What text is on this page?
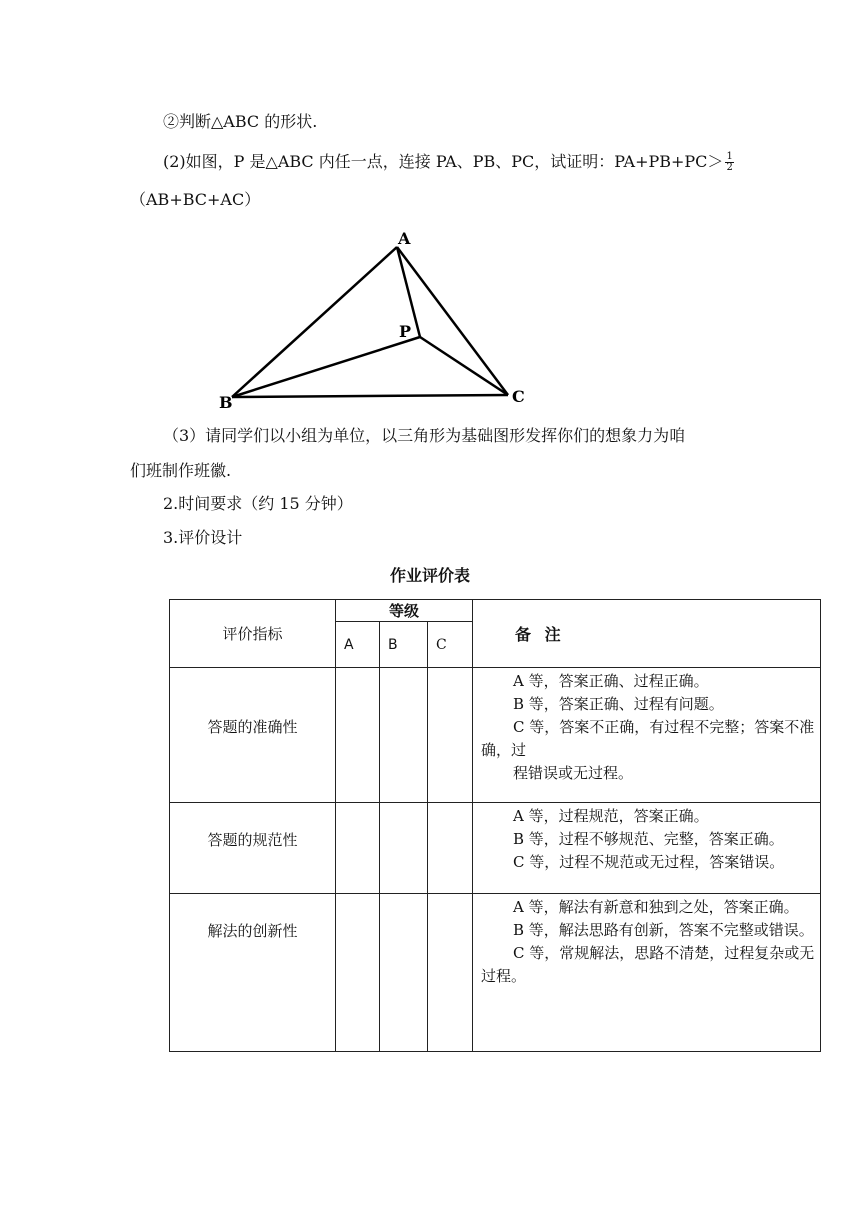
②判断△ABC 的形状.
(2)如图，P 是△ABC 内任一点，连接 PA、PB、PC，试证明：$PA+PB+PC> \frac{1}{2}$
（AB+BC+AC）
A
B	C
P
（3）请同学们以小组为单位，以三角形为基础图形发挥你们的想象力为咱
们班制作班徽.
2.时间要求（约 15 分钟）
3.评价设计
作业评价表
评价指标	等级			备 注
	A	B	C	
答题的准确性				A 等，答案正确、过程正确。
B 等，答案正确、过程有问题。
C 等，答案不正确，有过程不完整；答案不准确，过
程错误或无过程。

答题的规范性				A 等，过程规范，答案正确。
B 等，过程不够规范、完整，答案正确。
C 等，过程不规范或无过程，答案错误。

解法的创新性				A 等，解法有新意和独到之处，答案正确。
B 等，解法思路有创新，答案不完整或错误。
C 等，常规解法，思路不清楚，过程复杂或无过程。
